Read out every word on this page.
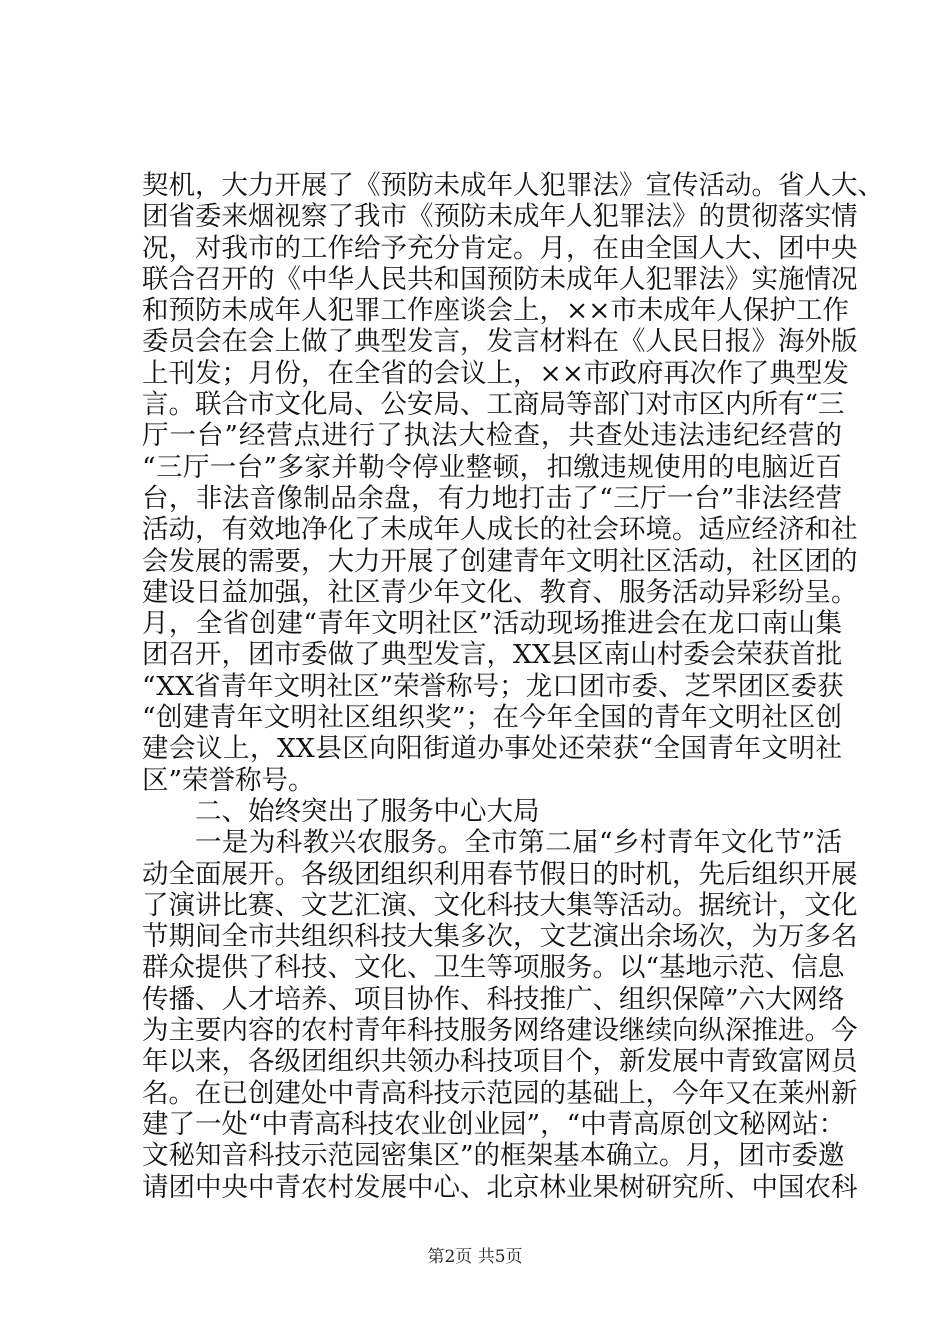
契机，大力开展了《预防未成年人犯罪法》宣传活动。省人大、
团省委来烟视察了我市《预防未成年人犯罪法》的贯彻落实情
况，对我市的工作给予充分肯定。月，在由全国人大、团中央
联合召开的《中华人民共和国预防未成年人犯罪法》实施情况
和预防未成年人犯罪工作座谈会上，××市未成年人保护工作
委员会在会上做了典型发言，发言材料在《人民日报》海外版
上刊发；月份，在全省的会议上，××市政府再次作了典型发
言。联合市文化局、公安局、工商局等部门对市区内所有“三
厅一台”经营点进行了执法大检查，共查处违法违纪经营的
“三厅一台”多家并勒令停业整顿，扣缴违规使用的电脑近百
台，非法音像制品余盘，有力地打击了“三厅一台”非法经营
活动，有效地净化了未成年人成长的社会环境。适应经济和社
会发展的需要，大力开展了创建青年文明社区活动，社区团的
建设日益加强，社区青少年文化、教育、服务活动异彩纷呈。
月，全省创建“青年文明社区”活动现场推进会在龙口南山集
团召开，团市委做了典型发言，XX县区南山村委会荣获首批
“XX省青年文明社区”荣誉称号；龙口团市委、芝罘团区委获
“创建青年文明社区组织奖”；在今年全国的青年文明社区创
建会议上，XX县区向阳街道办事处还荣获“全国青年文明社
区”荣誉称号。
二、始终突出了服务中心大局
一是为科教兴农服务。全市第二届“乡村青年文化节”活
动全面展开。各级团组织利用春节假日的时机，先后组织开展
了演讲比赛、文艺汇演、文化科技大集等活动。据统计，文化
节期间全市共组织科技大集多次，文艺演出余场次，为万多名
群众提供了科技、文化、卫生等项服务。以“基地示范、信息
传播、人才培养、项目协作、科技推广、组织保障”六大网络
为主要内容的农村青年科技服务网络建设继续向纵深推进。今
年以来，各级团组织共领办科技项目个，新发展中青致富网员
名。在已创建处中青高科技示范园的基础上，今年又在莱州新
建了一处“中青高科技农业创业园”，“中青高原创文秘网站：
文秘知音科技示范园密集区”的框架基本确立。月，团市委邀
请团中央中青农村发展中心、北京林业果树研究所、中国农科
第2页 共5页
